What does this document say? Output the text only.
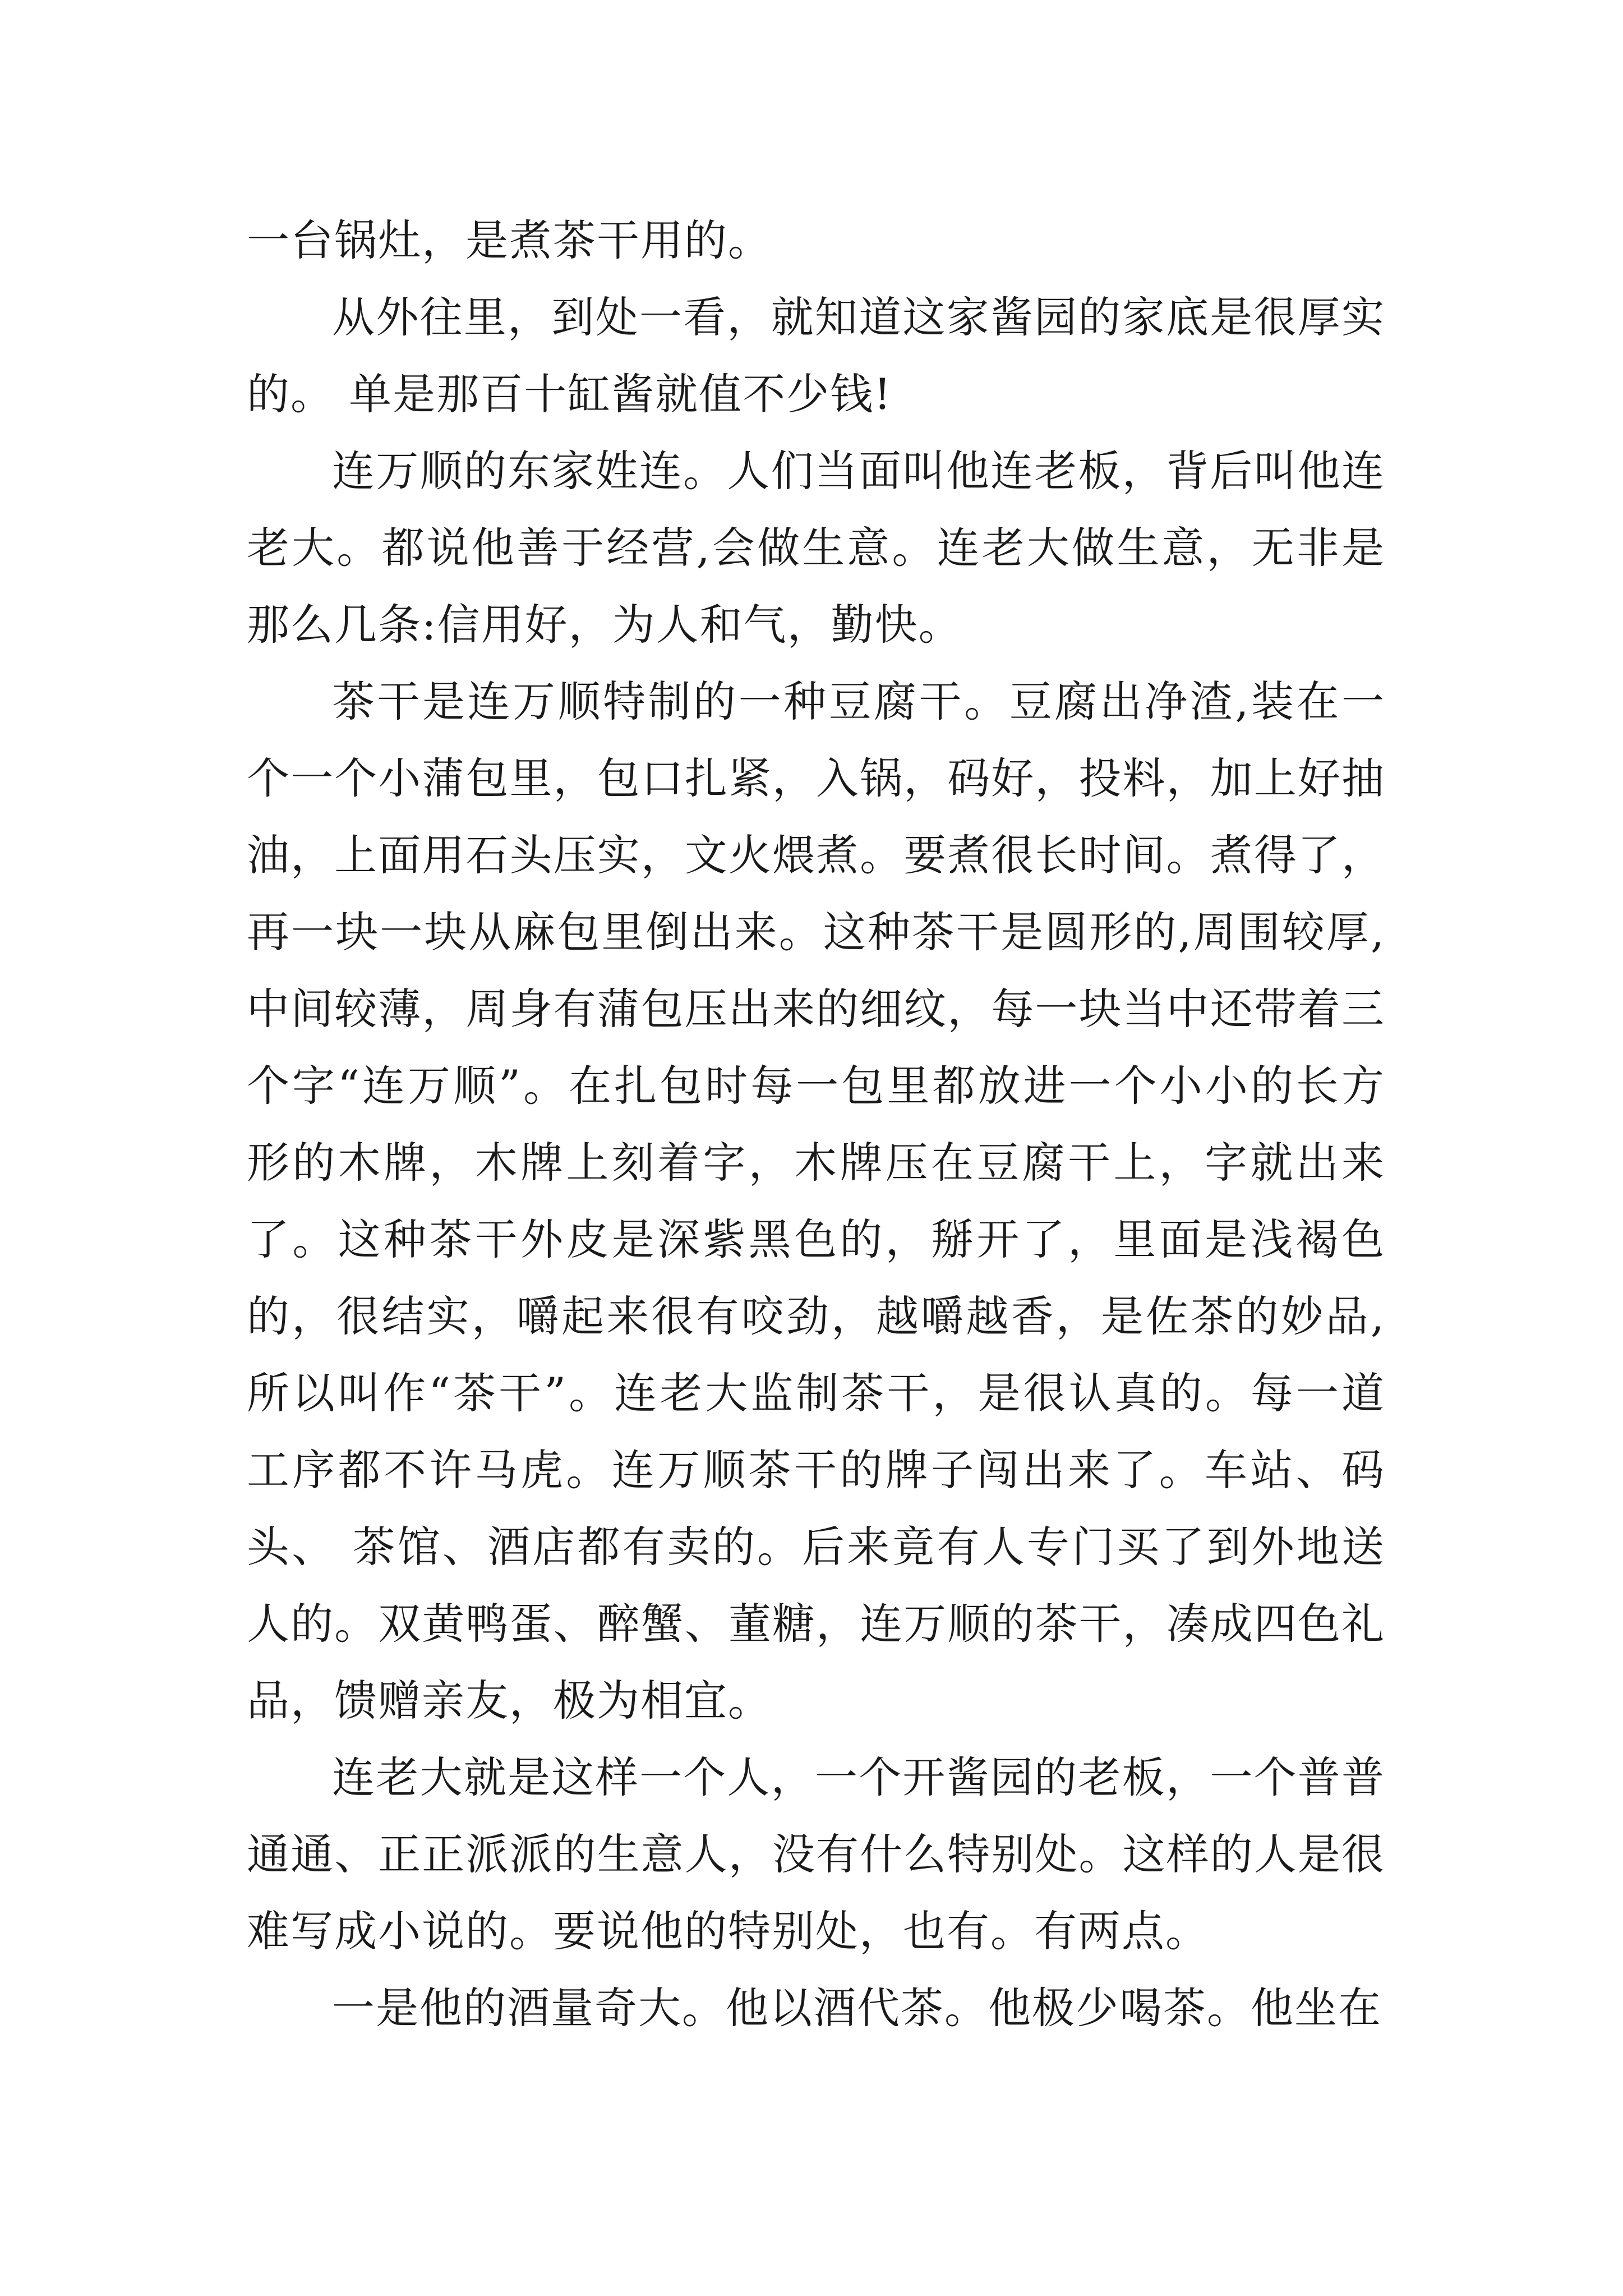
一台锅灶，是煮茶干用的。

从外往里，到处一看，就知道这家酱园的家底是很厚实的。 单是那百十缸酱就值不少钱!

连万顺的东家姓连。人们当面叫他连老板，背后叫他连老大。都说他善于经营,会做生意。连老大做生意，无非是那么几条:信用好，为人和气，勤快。

茶干是连万顺特制的一种豆腐干。豆腐出净渣,装在一个一个小蒲包里，包口扎紧，入锅，码好，投料，加上好抽油，上面用石头压实，文火煨煮。要煮很长时间。煮得了，再一块一块从麻包里倒出来。这种茶干是圆形的,周围较厚,中间较薄，周身有蒲包压出来的细纹，每一块当中还带着三个字“连万顺”。在扎包时每一包里都放进一个小小的长方形的木牌，木牌上刻着字，木牌压在豆腐干上，字就出来了。这种茶干外皮是深紫黑色的，掰开了，里面是浅褐色的，很结实，嚼起来很有咬劲，越嚼越香，是佐茶的妙品,所以叫作“茶干”。连老大监制茶干，是很认真的。每一道工序都不许马虎。连万顺茶干的牌子闯出来了。车站、码头、 茶馆、酒店都有卖的。后来竟有人专门买了到外地送人的。双黄鸭蛋、醉蟹、董糖，连万顺的茶干，凑成四色礼品，馈赠亲友，极为相宜。

连老大就是这样一个人，一个开酱园的老板，一个普普通通、正正派派的生意人，没有什么特别处。这样的人是很难写成小说的。要说他的特别处，也有。有两点。

一是他的酒量奇大。他以酒代茶。他极少喝茶。他坐在
